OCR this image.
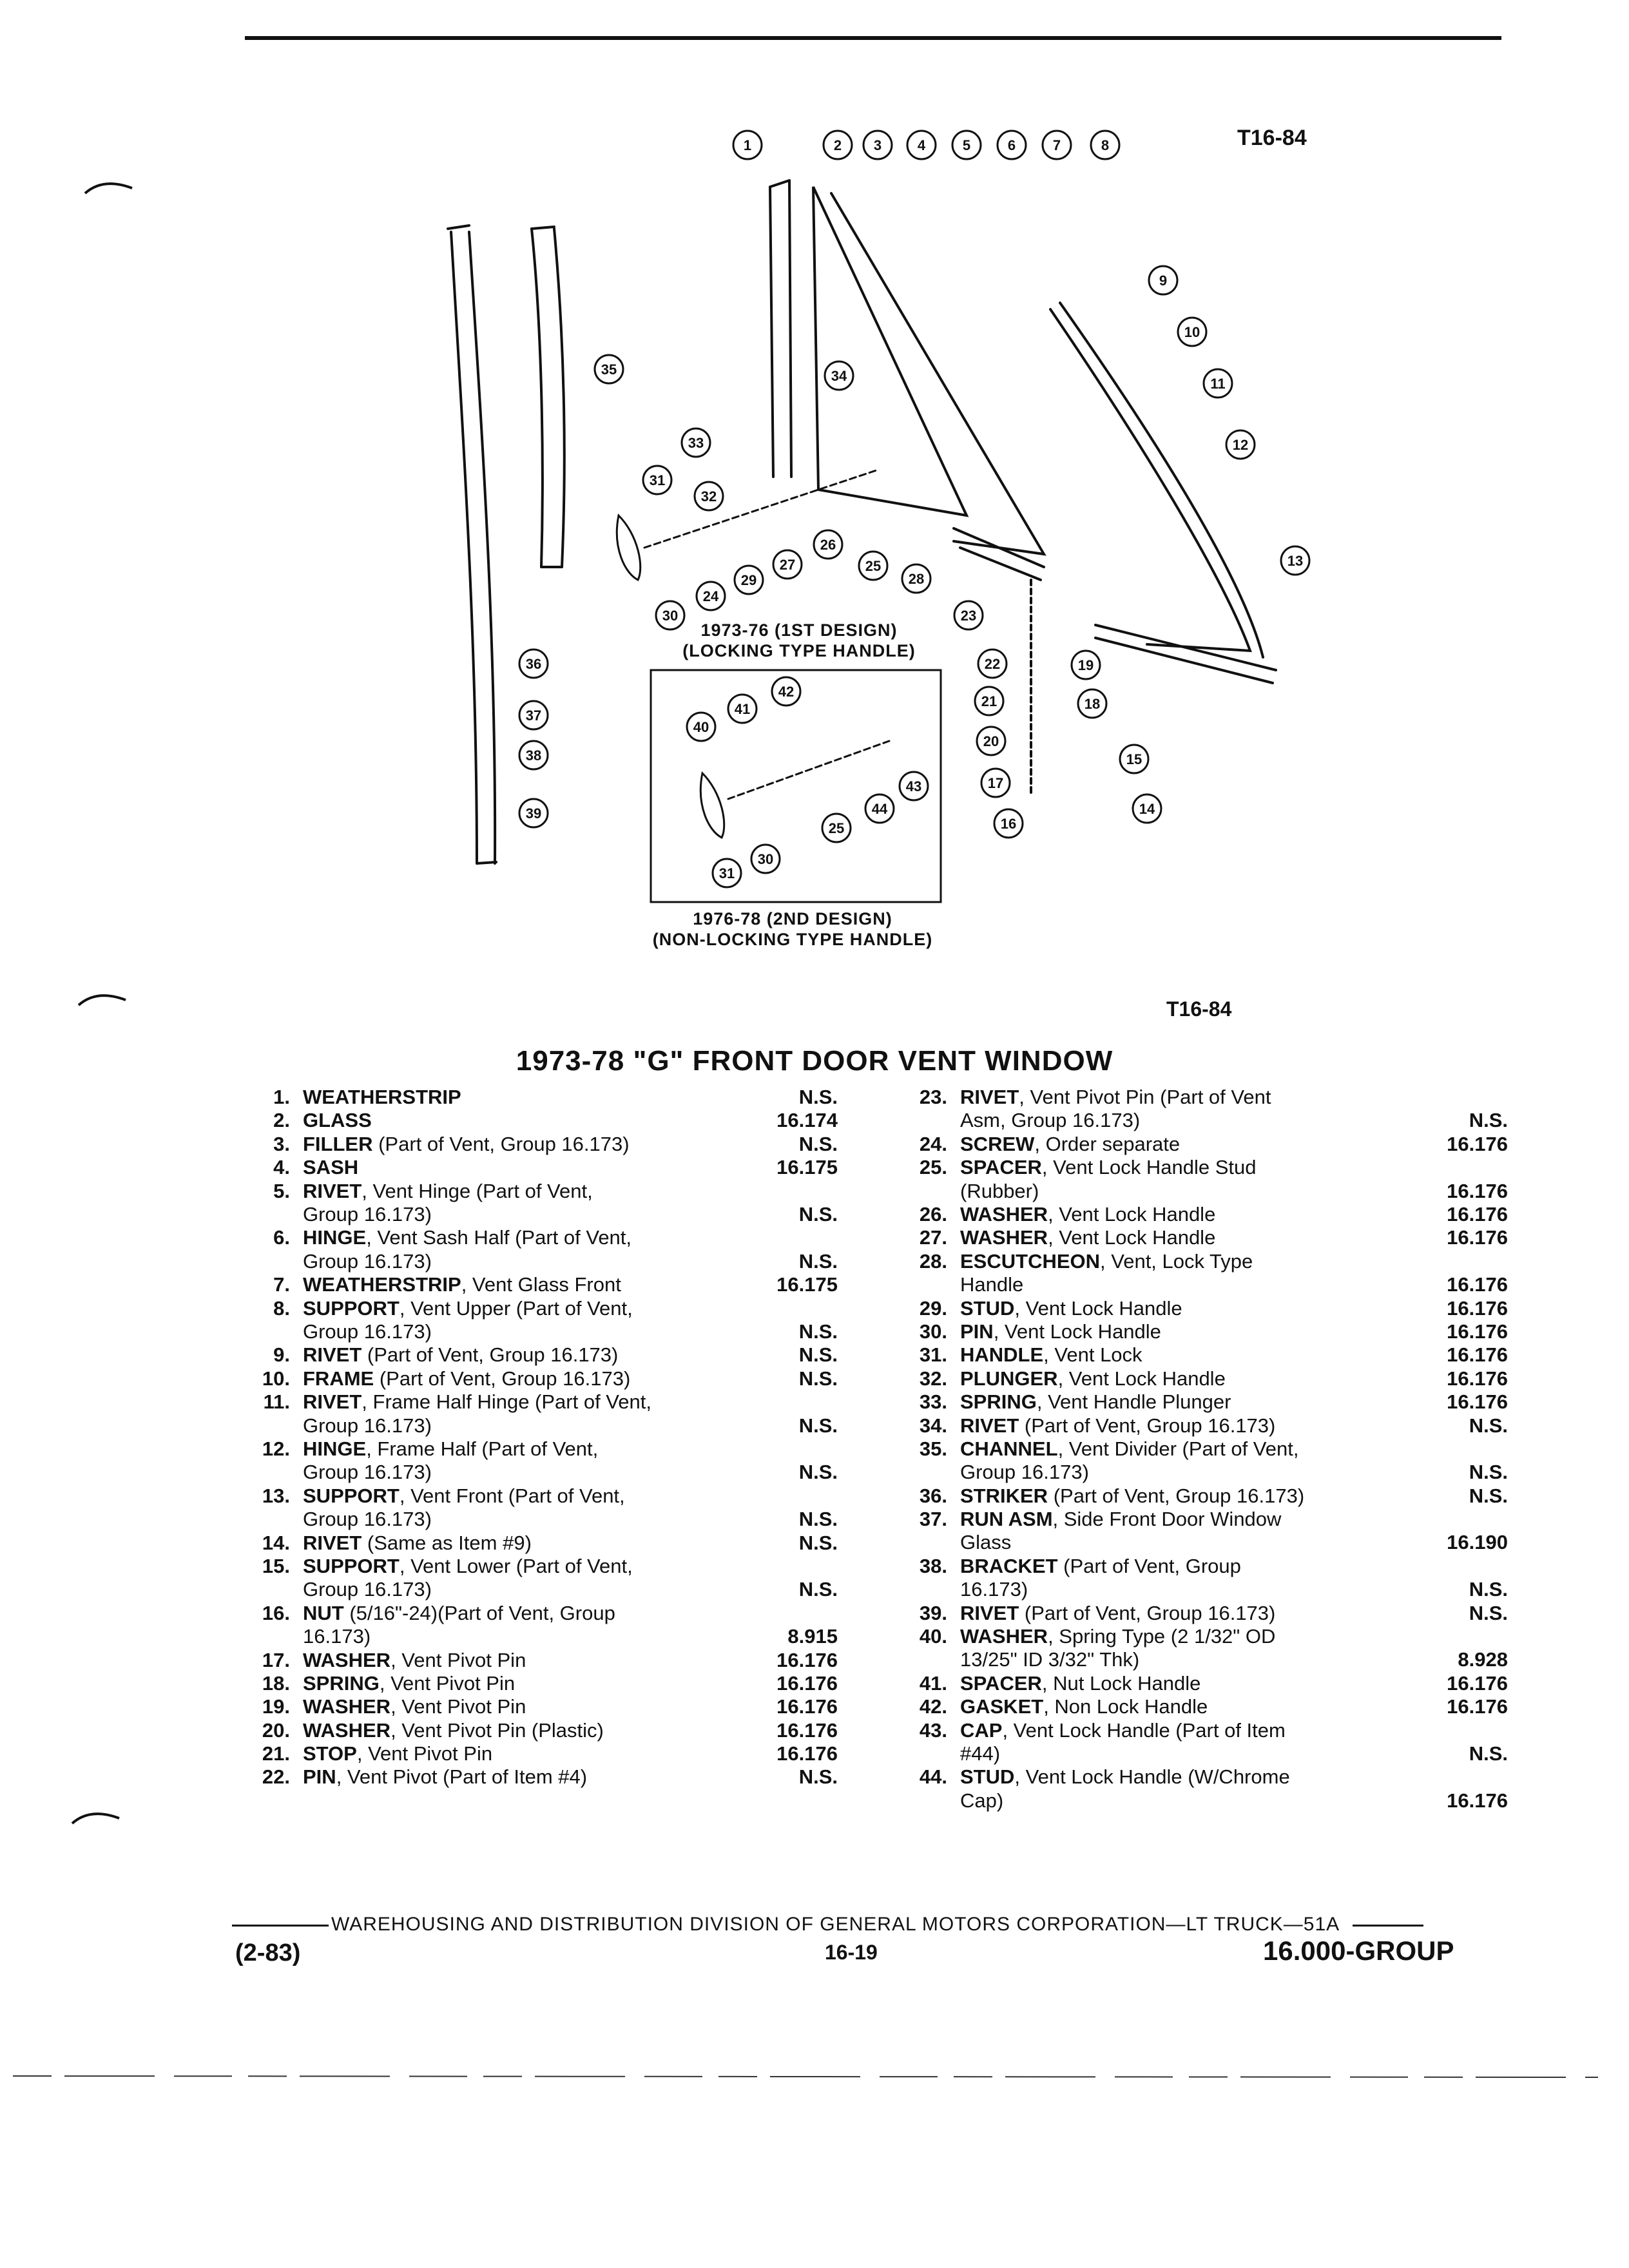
1	2 3	4	5	6	7	8
9
10
11
12
13
14
15
35	34
33
31
32
24
30
29
27
26
25
28
23
22	19
18
21
20
17
16
36
37
38
39
40
41
42
43
44
25
30
31
T16-84
1973-76 (1ST DESIGN)
(LOCKING TYPE HANDLE)
1976-78 (2ND DESIGN)
(NON-LOCKING TYPE HANDLE)
T16-84
1973-78 "G" FRONT DOOR VENT WINDOW
1. WEATHERSTRIP	N.S.
2. GLASS	16.174
3. FILLER (Part of Vent, Group 16.173)	N.S.
4. SASH	16.175
5. RIVET, Vent Hinge (Part of Vent,
Group 16.173)	N.S.
6. HINGE, Vent Sash Half (Part of Vent,
Group 16.173)	N.S.
7. WEATHERSTRIP, Vent Glass Front	16.175
8. SUPPORT, Vent Upper (Part of Vent,
Group 16.173)	N.S.
9. RIVET (Part of Vent, Group 16.173)	N.S.
10. FRAME (Part of Vent, Group 16.173)	N.S.
11. RIVET, Frame Half Hinge (Part of Vent,
Group 16.173)	N.S.
12. HINGE, Frame Half (Part of Vent,
Group 16.173)	N.S.
13. SUPPORT, Vent Front (Part of Vent,
Group 16.173)	N.S.
14. RIVET (Same as Item #9)	N.S.
15. SUPPORT, Vent Lower (Part of Vent,
Group 16.173)	N.S.
16. NUT (5/16"-24)(Part of Vent, Group
16.173)	8.915
17. WASHER, Vent Pivot Pin	16.176
18. SPRING, Vent Pivot Pin	16.176
19. WASHER, Vent Pivot Pin	16.176
20. WASHER, Vent Pivot Pin (Plastic)	16.176
21. STOP, Vent Pivot Pin	16.176
22. PIN, Vent Pivot (Part of Item #4)	N.S.
23. RIVET, Vent Pivot Pin (Part of Vent
Asm, Group 16.173)	N.S.
24. SCREW, Order separate	16.176
25. SPACER, Vent Lock Handle Stud
(Rubber)	16.176
26. WASHER, Vent Lock Handle	16.176
27. WASHER, Vent Lock Handle	16.176
28. ESCUTCHEON, Vent, Lock Type
Handle	16.176
29. STUD, Vent Lock Handle	16.176
30. PIN, Vent Lock Handle	16.176
31. HANDLE, Vent Lock	16.176
32. PLUNGER, Vent Lock Handle	16.176
33. SPRING, Vent Handle Plunger	16.176
34. RIVET (Part of Vent, Group 16.173)	N.S.
35. CHANNEL, Vent Divider (Part of Vent,
Group 16.173)	N.S.
36. STRIKER (Part of Vent, Group 16.173)	N.S.
37. RUN ASM, Side Front Door Window
Glass	16.190
38. BRACKET (Part of Vent, Group
16.173)	N.S.
39. RIVET (Part of Vent, Group 16.173)	N.S.
40. WASHER, Spring Type (2 1/32" OD
13/25" ID 3/32" Thk)	8.928
41. SPACER, Nut Lock Handle	16.176
42. GASKET, Non Lock Handle	16.176
43. CAP, Vent Lock Handle (Part of Item
#44)	N.S.
44. STUD, Vent Lock Handle (W/Chrome
Cap)	16.176
WAREHOUSING AND DISTRIBUTION DIVISION OF GENERAL MOTORS CORPORATION—LT TRUCK—51A
(2-83)	16-19	16.000-GROUP
